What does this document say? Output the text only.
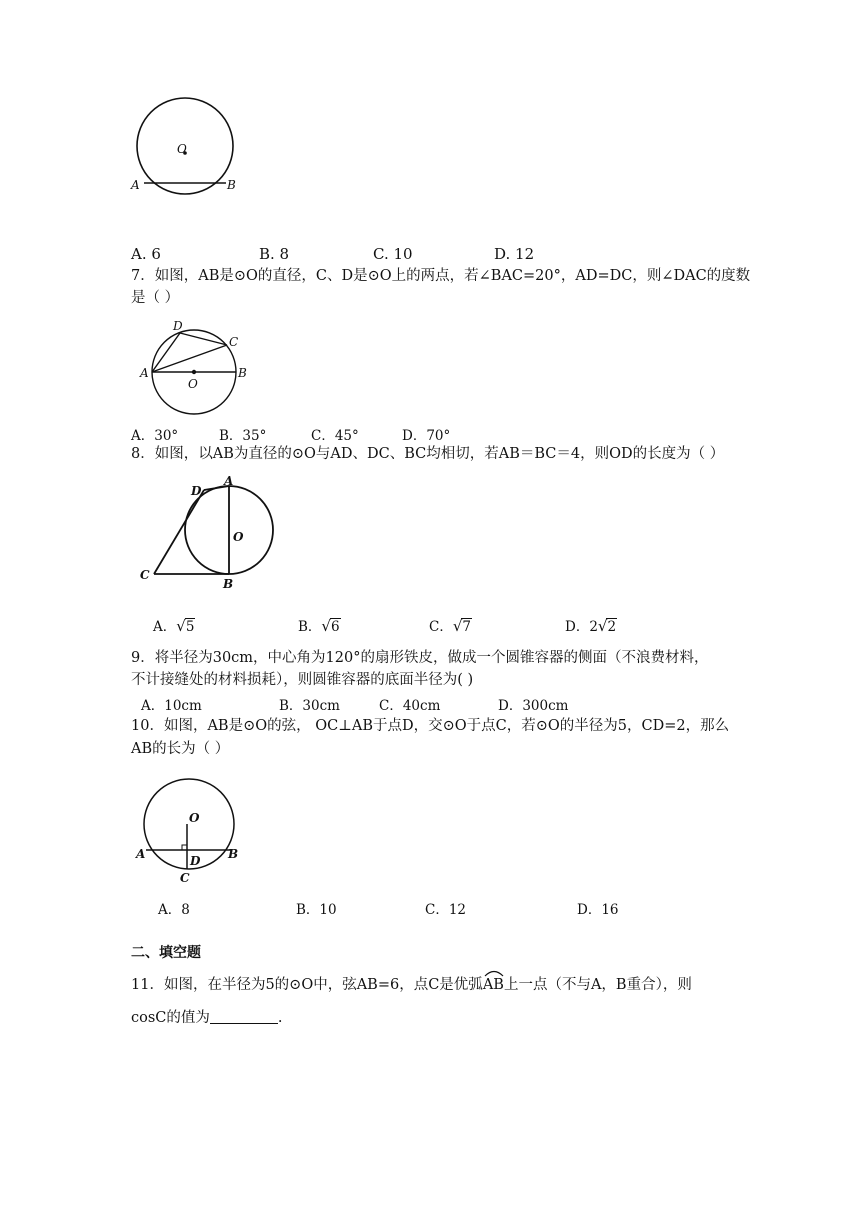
O
A	B
A. 6	B. 8	C. 10	D. 12
7．如图，AB是⊙O的直径，C、D是⊙O上的两点，若∠BAC=20°，AD=DC，则∠DAC的度数
是（ ）
A	B
C
D
O
A．30°	B．35°	C．45°	D．70°
8．如图，以AB为直径的⊙O与AD、DC、BC均相切，若AB＝BC＝4，则OD的长度为（ ）
D
A
O
C
B
A．√5	B．√6	C．√7	D．2√2
9．将半径为30cm，中心角为120°的扇形铁皮，做成一个圆锥容器的侧面（不浪费材料，
不计接缝处的材料损耗），则圆锥容器的底面半径为( )
A．10cm	B．30cm	C．40cm	D．300cm
10．如图，AB是⊙O的弦， OC⊥AB于点D，交⊙O于点C，若⊙O的半径为5，CD=2，那么
AB的长为（ ）
O
A	B
D
C
A．8	B．10	C．12	D．16
二、填空题
11．如图，在半径为5的⊙O中，弦AB=6，点C是优弧
AB上一点（不与A，B重合），则
cosC的值为	.
